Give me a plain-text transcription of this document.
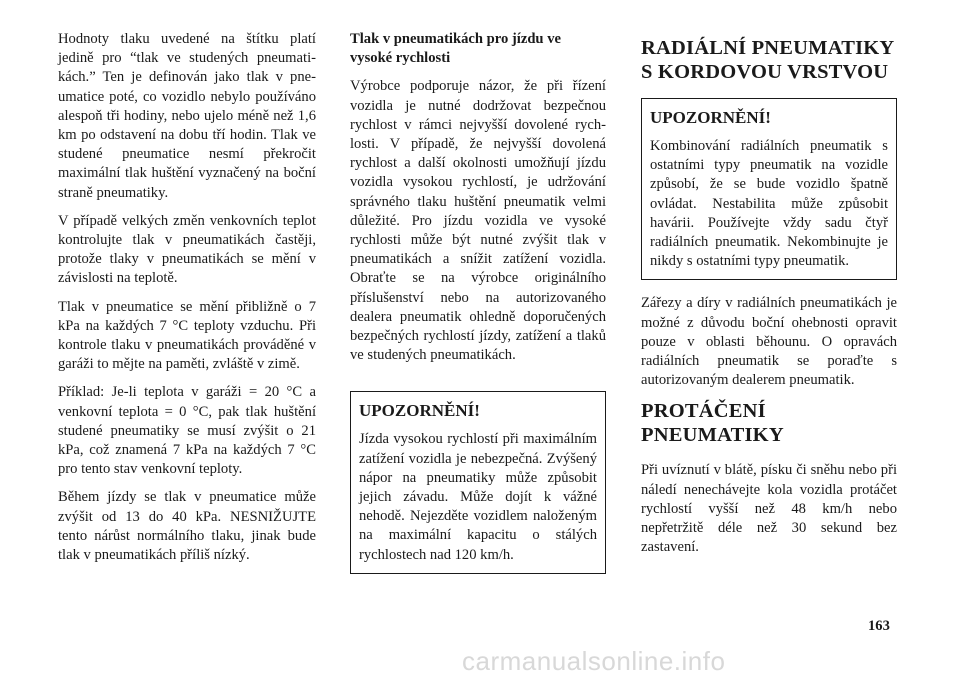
Hodnoty tlaku uvedené na štítku platí jedině pro “tlak ve studených pneumatikách.” Ten je definován jako tlak v pneumatice poté, co vozidlo nebylo používáno alespoň tři hodiny, nebo ujelo méně než 1,6 km po odstavení na dobu tří hodin. Tlak ve studené pneumatice nesmí překročit maximální tlak huštění vyznačený na boční straně pneumatiky.

V případě velkých změn venkovních teplot kontrolujte tlak v pneumatikách častěji, protože tlaky v pneumatikách se mění v závislosti na teplotě.

Tlak v pneumatice se mění přibližně o 7 kPa na každých 7 °C teploty vzduchu. Při kontrole tlaku v pneumatikách prováděné v garáži to mějte na paměti, zvláště v zimě.

Příklad: Je-li teplota v garáži = 20 °C a venkovní teplota = 0 °C, pak tlak huštění studené pneumatiky se musí zvýšit o 21 kPa, což znamená 7 kPa na každých 7 °C pro tento stav venkovní teploty.

Během jízdy se tlak v pneumatice může zvýšit od 13 do 40 kPa. NESNIŽUJTE tento nárůst normálního tlaku, jinak bude tlak v pneumatikách příliš nízký.

Tlak v pneumatikách pro jízdu ve vysoké rychlosti

Výrobce podporuje názor, že při řízení vozidla je nutné dodržovat bezpečnou rychlost v rámci nejvyšší dovolené rychlosti. V případě, že nejvyšší dovolená rychlost a další okolnosti umožňují jízdu vozidla vysokou rychlostí, je udržování správného tlaku huštění pneumatik velmi důležité. Pro jízdu vozidla ve vysoké rychlosti může být nutné zvýšit tlak v pneumatikách a snížit zatížení vozidla. Obraťte se na výrobce originálního příslušenství nebo na autorizovaného dealera pneumatik ohledně doporučených bezpečných rychlostí jízdy, zatížení a tlaků ve studených pneumatikách.

UPOZORNĚNÍ!

Jízda vysokou rychlostí při maximálním zatížení vozidla je nebezpečná. Zvýšený nápor na pneumatiky může způsobit jejich závadu. Může dojít k vážné nehodě. Nejezděte vozidlem naloženým na maximální kapacitu o stálých rychlostech nad 120 km/h.

RADIÁLNÍ PNEUMATIKY
S KORDOVOU VRSTVOU
UPOZORNĚNÍ!

Kombinování radiálních pneumatik s ostatními typy pneumatik na vozidle způsobí, že se bude vozidlo špatně ovládat. Nestabilita může způsobit havárii. Používejte vždy sadu čtyř radiálních pneumatik. Nekombinujte je nikdy s ostatními typy pneumatik.

Zářezy a díry v radiálních pneumatikách je možné z důvodu boční ohebnosti opravit pouze v oblasti běhounu. O opravách radiálních pneumatik se poraďte s autorizovaným dealerem pneumatik.

PROTÁČENÍ
PNEUMATIKY

Při uvíznutí v blátě, písku či sněhu nebo při náledí nenechávejte kola vozidla protáčet rychlostí vyšší než 48 km/h nebo nepřetržitě déle než 30 sekund bez zastavení.

163
carmanualsonline.info
